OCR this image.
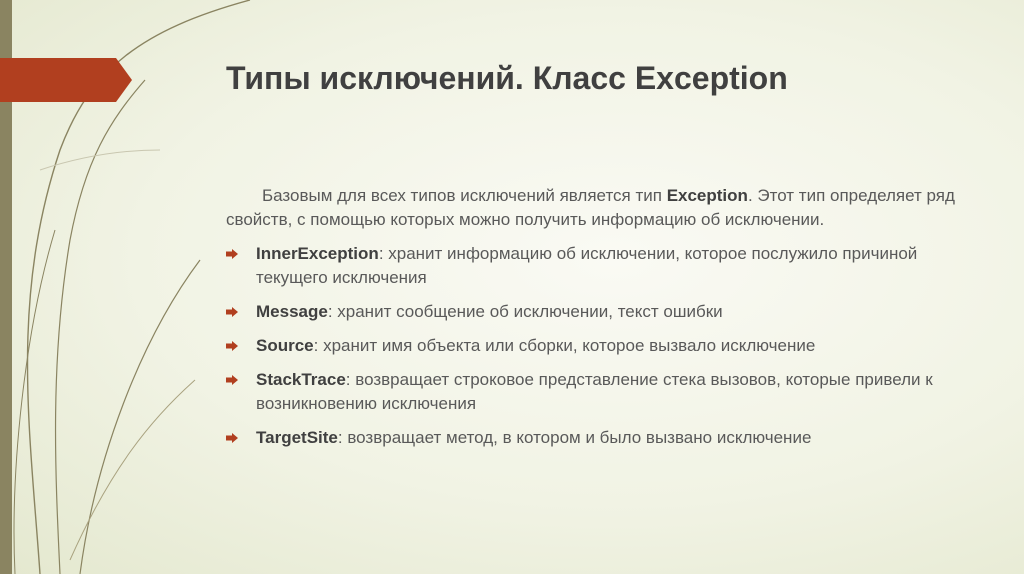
Типы исключений. Класс Exception

Базовым для всех типов исключений является тип Exception. Этот тип определяет ряд свойств, с помощью которых можно получить информацию об исключении.

InnerException: хранит информацию об исключении, которое послужило причиной текущего исключения
Message: хранит сообщение об исключении, текст ошибки
Source: хранит имя объекта или сборки, которое вызвало исключение
StackTrace: возвращает строковое представление стека вызовов, которые привели к возникновению исключения
TargetSite: возвращает метод, в котором и было вызвано исключение
